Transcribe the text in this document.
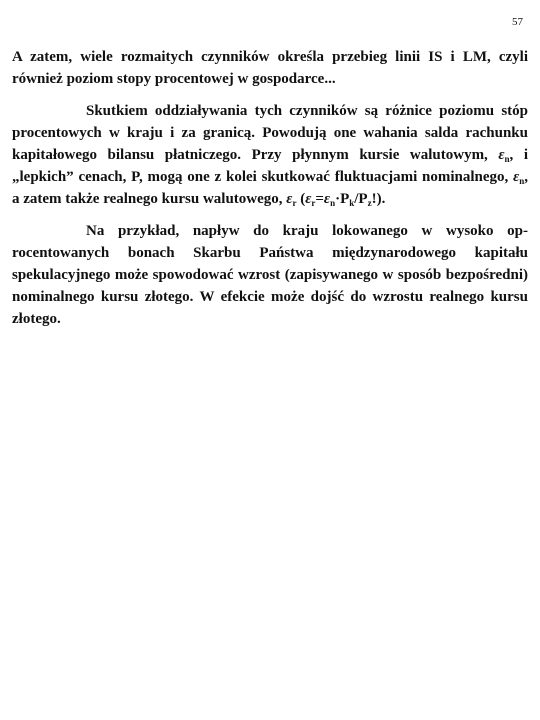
57

A zatem, wiele rozmaitych czynników określa przebieg linii IS i LM, czyli również poziom stopy procentowej w gospodarce...

Skutkiem oddziaływania tych czynników są różnice poziomu stóp procentowych w kraju i za granicą. Powodują one wahania salda rachunku kapitałowego bilansu płatniczego. Przy płynnym kursie walutowym, $\varepsilon_n$, i „lepkich” cenach, P, mogą one z kolei skutkować fluktuacjami nominalnego, $\varepsilon_n$, a zatem także realnego kursu walutowego, $\varepsilon_r$ $(\varepsilon_r=\varepsilon_n\cdot P_k/P_z!)$.

Na przykład, napływ do kraju lokowanego w wysoko oprocentowanych bonach Skarbu Państwa międzynarodowego kapitału spekulacyjnego może spowodować wzrost (zapisywanego w sposób bezpośredni) nominalnego kursu złotego. W efekcie może dojść do wzrostu realnego kursu złotego.
